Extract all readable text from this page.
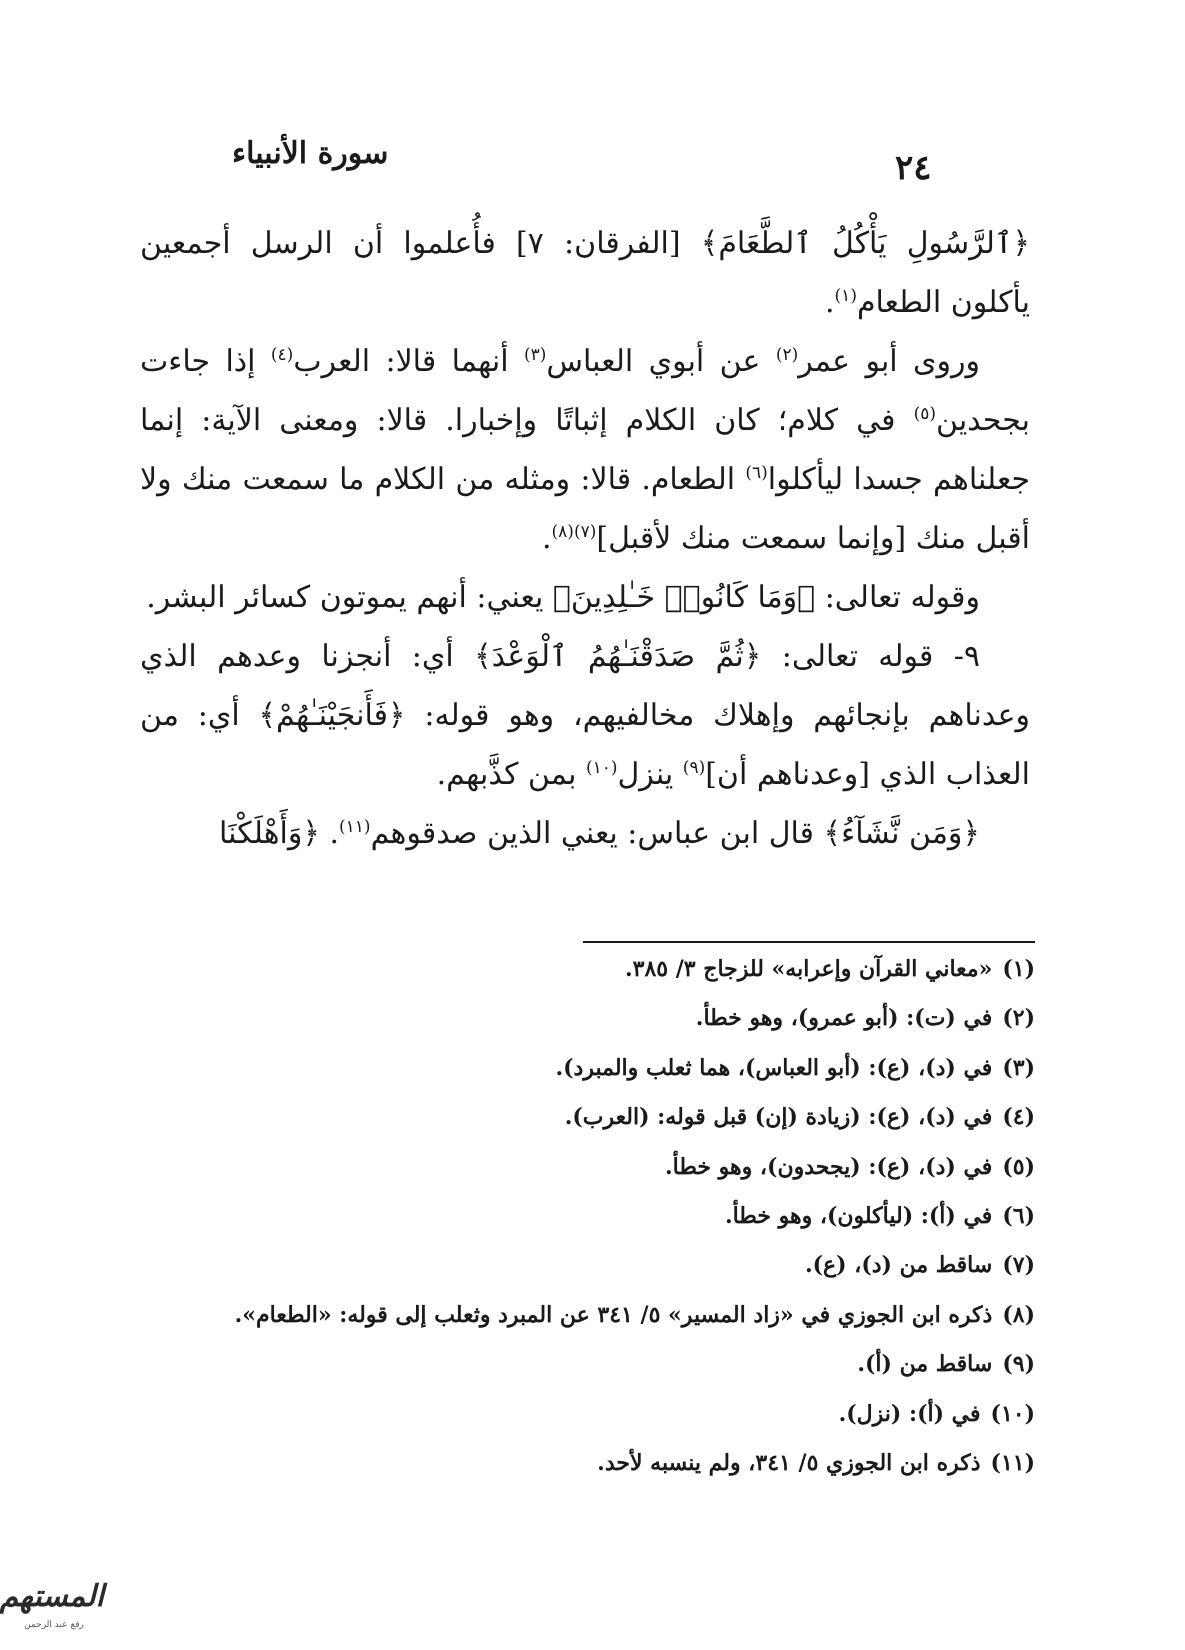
سورة الأنبياء	٢٤

﴿ٱلرَّسُولِ يَأْكُلُ ٱلطَّعَامَ﴾ [الفرقان: ٧] فأُعلموا أن الرسل أجمعين يأكلون الطعام$^{(١)}$.

وروى أبو عمر$^{(٢)}$ عن أبوي العباس$^{(٣)}$ أنهما قالا: العرب$^{(٤)}$ إذا جاءت بجحدين$^{(٥)}$ في كلام؛ كان الكلام إثباتًا وإخبارا. قالا: ومعنى الآية: إنما جعلناهم جسدا ليأكلوا$^{(٦)}$ الطعام. قالا: ومثله من الكلام ما سمعت منك ولا أقبل منك [وإنما سمعت منك لأقبل]$^{(٧)(٨)}$.

وقوله تعالى: ﴿وَمَا كَانُوا۟ خَـٰلِدِينَ﴾ يعني: أنهم يموتون كسائر البشر.

٩- قوله تعالى: ﴿ثُمَّ صَدَقْنَـٰهُمُ ٱلْوَعْدَ﴾ أي: أنجزنا وعدهم الذي وعدناهم بإنجائهم وإهلاك مخالفيهم، وهو قوله: ﴿فَأَنجَيْنَـٰهُمْ﴾ أي: من العذاب الذي [وعدناهم أن]$^{(٩)}$ ينزل$^{(١٠)}$ بمن كذَّبهم.

﴿وَمَن نَّشَآءُ﴾ قال ابن عباس: يعني الذين صدقوهم$^{(١١)}$. ﴿وَأَهْلَكْنَا

(١)«معاني القرآن وإعرابه» للزجاج ٣/ ٣٨٥.
(٢)في (ت): (أبو عمرو)، وهو خطأ.
(٣)في (د)، (ع): (أبو العباس)، هما ثعلب والمبرد).
(٤)في (د)، (ع): (زيادة (إن) قبل قوله: (العرب).
(٥)في (د)، (ع): (يجحدون)، وهو خطأ.
(٦)في (أ): (ليأكلون)، وهو خطأ.
(٧)ساقط من (د)، (ع).
(٨)ذكره ابن الجوزي في «زاد المسير» ٥/ ٣٤١ عن المبرد وثعلب إلى قوله: «الطعام».
(٩)ساقط من (أ).
(١٠)في (أ): (نزل).
(١١)ذكره ابن الجوزي ٥/ ٣٤١، ولم ينسبه لأحد.
المستهم
رفع عبد الرحمن
